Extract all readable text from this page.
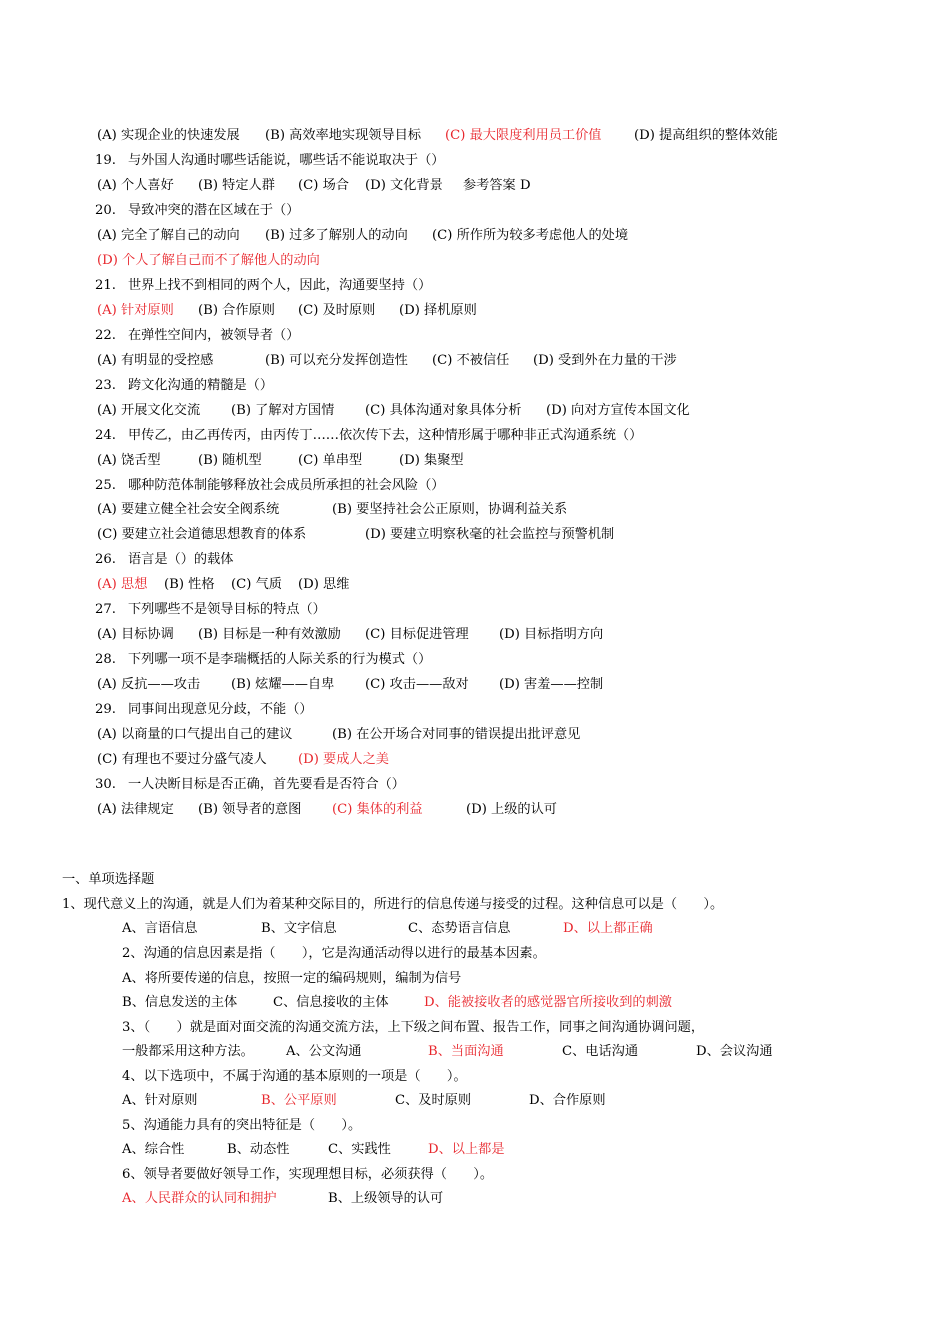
(A) 实现企业的快速发展 (B) 高效率地实现领导目标 (C) 最大限度利用员工价值 (D) 提高组织的整体效能
19. 与外国人沟通时哪些话能说，哪些话不能说取决于（）
(A) 个人喜好 (B) 特定人群 (C) 场合 (D) 文化背景 参考答案 D
20. 导致冲突的潜在区域在于（）
(A) 完全了解自己的动向 (B) 过多了解别人的动向 (C) 所作所为较多考虑他人的处境
(D) 个人了解自己而不了解他人的动向
21. 世界上找不到相同的两个人，因此，沟通要坚持（）
(A) 针对原则 (B) 合作原则 (C) 及时原则 (D) 择机原则
22. 在弹性空间内，被领导者（）
(A) 有明显的受控感	(B) 可以充分发挥创造性 (C) 不被信任 (D) 受到外在力量的干涉
23. 跨文化沟通的精髓是（）
(A) 开展文化交流 (B) 了解对方国情 (C) 具体沟通对象具体分析 (D) 向对方宣传本国文化
24. 甲传乙，由乙再传丙，由丙传丁……依次传下去，这种情形属于哪种非正式沟通系统（）
(A) 饶舌型	(B) 随机型	(C) 单串型	(D) 集聚型
25. 哪种防范体制能够释放社会成员所承担的社会风险（）
(A) 要建立健全社会安全阀系统	(B) 要坚持社会公正原则，协调利益关系
(C) 要建立社会道德思想教育的体系	(D) 要建立明察秋毫的社会监控与预警机制
26. 语言是（）的载体
(A) 思想 (B) 性格 (C) 气质 (D) 思维
27. 下列哪些不是领导目标的特点（）
(A) 目标协调 (B) 目标是一种有效激励 (C) 目标促进管理 (D) 目标指明方向
28. 下列哪一项不是李瑞概括的人际关系的行为模式（）
(A) 反抗——攻击 (B) 炫耀——自卑 (C) 攻击——敌对 (D) 害羞——控制
29. 同事间出现意见分歧，不能（）
(A) 以商量的口气提出自己的建议	(B) 在公开场合对同事的错误提出批评意见
(C) 有理也不要过分盛气凌人 (D) 要成人之美
30. 一人决断目标是否正确，首先要看是否符合（）
(A) 法律规定 (B) 领导者的意图 (C) 集体的利益	(D) 上级的认可
一、单项选择题
1、现代意义上的沟通，就是人们为着某种交际目的，所进行的信息传递与接受的过程。这种信息可以是（　　）。
A、言语信息	B、文字信息	C、态势语言信息	D、以上都正确
2、沟通的信息因素是指（　　），它是沟通活动得以进行的最基本因素。
A、将所要传递的信息，按照一定的编码规则，编制为信号
B、信息发送的主体	C、信息接收的主体	D、能被接收者的感觉器官所接收到的刺激
3、（　　）就是面对面交流的沟通交流方法，上下级之间布置、报告工作，同事之间沟通协调问题，
一般都采用这种方法。 A、公文沟通	B、当面沟通	C、电话沟通	D、会议沟通
4、以下选项中，不属于沟通的基本原则的一项是（　　）。
A、针对原则	B、公平原则	C、及时原则	D、合作原则
5、沟通能力具有的突出特征是（　　）。
A、综合性	B、动态性	C、实践性	D、以上都是
6、领导者要做好领导工作，实现理想目标，必须获得（　　）。
A、人民群众的认同和拥护	B、上级领导的认可
